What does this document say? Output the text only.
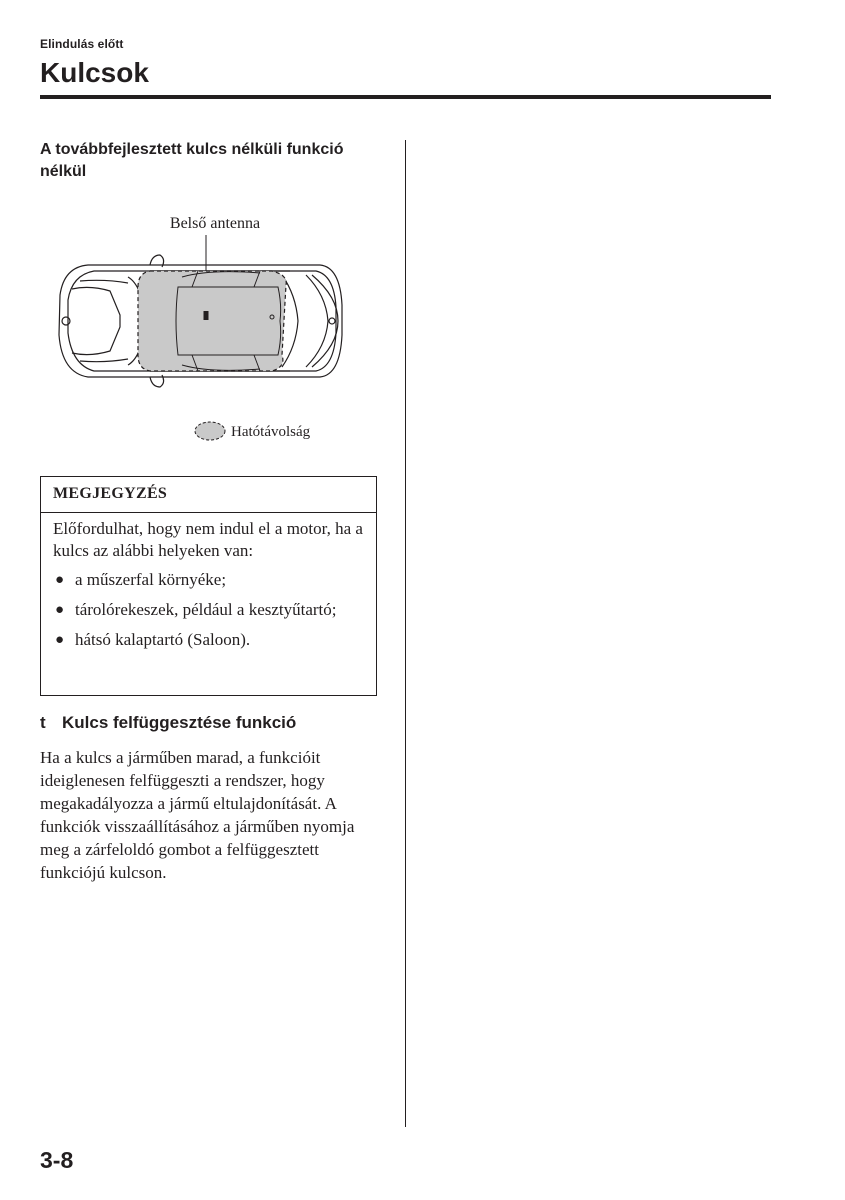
Elindulás előtt
Kulcsok
A továbbfejlesztett kulcs nélküli funkció nélkül
Belső antenna
Hatótávolság
MEGJEGYZÉS

Előfordulhat, hogy nem indul el a motor, ha a kulcs az alábbi helyeken van:

● a műszerfal környéke;
● tárolórekeszek, például a kesztyűtartó;
● hátsó kalaptartó (Saloon).
t Kulcs felfüggesztése funkció
Ha a kulcs a járműben marad, a funkcióit ideiglenesen felfüggeszti a rendszer, hogy megakadályozza a jármű eltulajdonítását. A funkciók visszaállításához a járműben nyomja meg a zárfeloldó gombot a felfüggesztett funkciójú kulcson.
3-8
